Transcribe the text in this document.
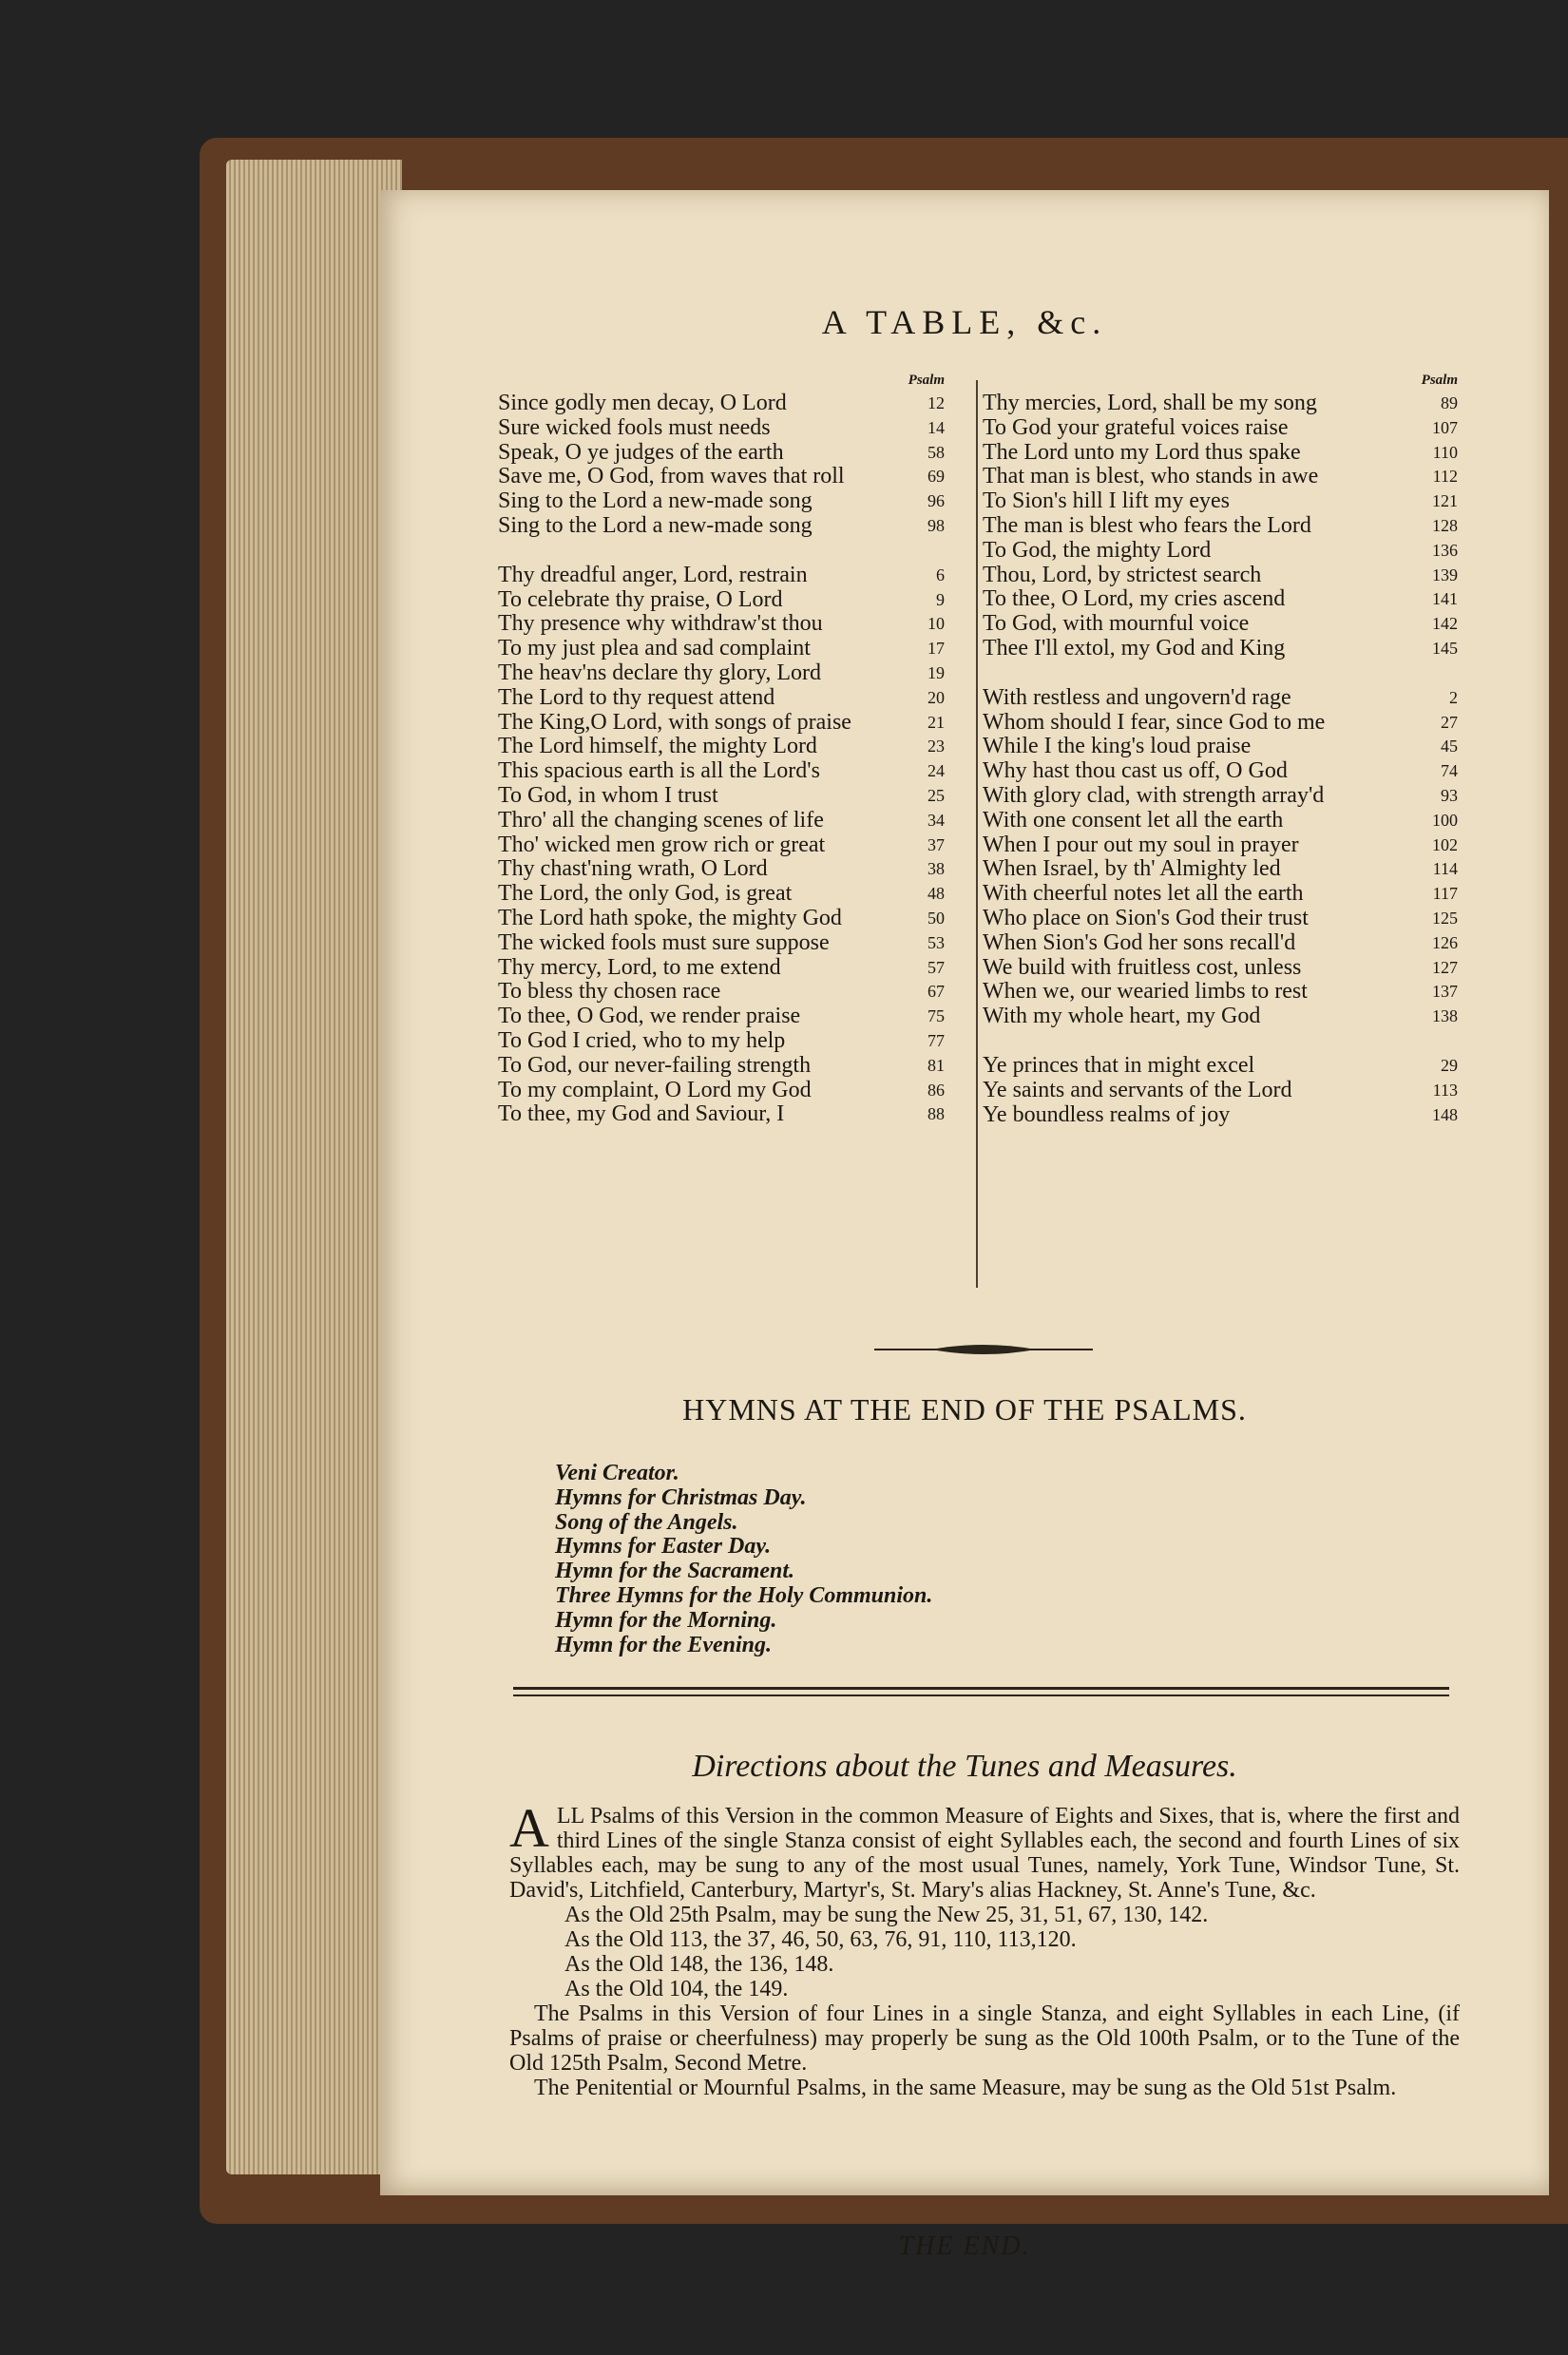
A TABLE, &c.
Psalm
Since godly men decay, O Lord	12
Sure wicked fools must needs	14
Speak, O ye judges of the earth	58
Save me, O God, from waves that roll	69
Sing to the Lord a new-made song	96
Sing to the Lord a new-made song	98
Thy dreadful anger, Lord, restrain	6
To celebrate thy praise, O Lord	9
Thy presence why withdraw'st thou	10
To my just plea and sad complaint	17
The heav'ns declare thy glory, Lord	19
The Lord to thy request attend	20
The King,O Lord, with songs of praise	21
The Lord himself, the mighty Lord	23
This spacious earth is all the Lord's	24
To God, in whom I trust	25
Thro' all the changing scenes of life	34
Tho' wicked men grow rich or great	37
Thy chast'ning wrath, O Lord	38
The Lord, the only God, is great	48
The Lord hath spoke, the mighty God	50
The wicked fools must sure suppose	53
Thy mercy, Lord, to me extend	57
To bless thy chosen race	67
To thee, O God, we render praise	75
To God I cried, who to my help	77
To God, our never-failing strength	81
To my complaint, O Lord my God	86
To thee, my God and Saviour, I	88
Psalm
Thy mercies, Lord, shall be my song	89
To God your grateful voices raise	107
The Lord unto my Lord thus spake	110
That man is blest, who stands in awe	112
To Sion's hill I lift my eyes	121
The man is blest who fears the Lord	128
To God, the mighty Lord	136
Thou, Lord, by strictest search	139
To thee, O Lord, my cries ascend	141
To God, with mournful voice	142
Thee I'll extol, my God and King	145
With restless and ungovern'd rage	2
Whom should I fear, since God to me	27
While I the king's loud praise	45
Why hast thou cast us off, O God	74
With glory clad, with strength array'd	93
With one consent let all the earth	100
When I pour out my soul in prayer	102
When Israel, by th' Almighty led	114
With cheerful notes let all the earth	117
Who place on Sion's God their trust	125
When Sion's God her sons recall'd	126
We build with fruitless cost, unless	127
When we, our wearied limbs to rest	137
With my whole heart, my God	138
Ye princes that in might excel	29
Ye saints and servants of the Lord	113
Ye boundless realms of joy	148
HYMNS AT THE END OF THE PSALMS.
Veni Creator.
Hymns for Christmas Day.
Song of the Angels.
Hymns for Easter Day.
Hymn for the Sacrament.
Three Hymns for the Holy Communion.
Hymn for the Morning.
Hymn for the Evening.
Directions about the Tunes and Measures.

ALL Psalms of this Version in the common Measure of Eights and Sixes, that is, where the first and third Lines of the single Stanza consist of eight Syllables each, the second and fourth Lines of six Syllables each, may be sung to any of the most usual Tunes, namely, York Tune, Windsor Tune, St. David's, Litchfield, Canterbury, Martyr's, St. Mary's alias Hackney, St. Anne's Tune, &c.

As the Old 25th Psalm, may be sung the New 25, 31, 51, 67, 130, 142.

As the Old 113, the 37, 46, 50, 63, 76, 91, 110, 113,120.

As the Old 148, the 136, 148.

As the Old 104, the 149.

The Psalms in this Version of four Lines in a single Stanza, and eight Syllables in each Line, (if Psalms of praise or cheerfulness) may properly be sung as the Old 100th Psalm, or to the Tune of the Old 125th Psalm, Second Metre.

The Penitential or Mournful Psalms, in the same Measure, may be sung as the Old 51st Psalm.

THE END.
